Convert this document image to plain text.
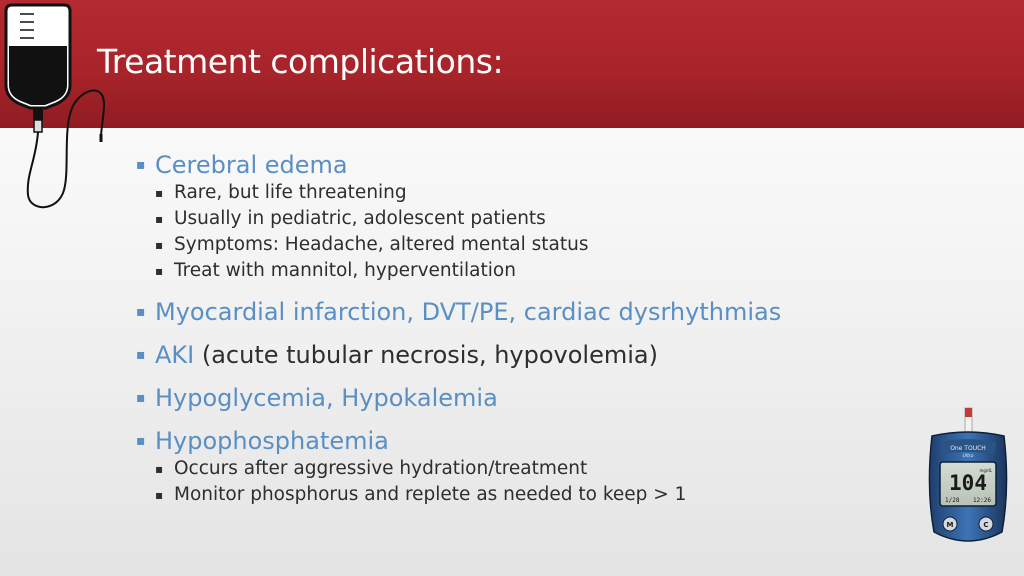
Treatment complications:
▪ Cerebral edema
▪ Rare, but life threatening
▪ Usually in pediatric, adolescent patients
▪ Symptoms: Headache, altered mental status
▪ Treat with mannitol, hyperventilation
▪ Myocardial infarction, DVT/PE, cardiac dysrhythmias
▪ AKI (acute tubular necrosis, hypovolemia)
▪ Hypoglycemia, Hypokalemia
▪ Hypophosphatemia
▪ Occurs after aggressive hydration/treatment
▪ Monitor phosphorus and replete as needed to keep > 1
One TOUCH
Ultra
104
1/28 12:26
mg/dL
M	C
